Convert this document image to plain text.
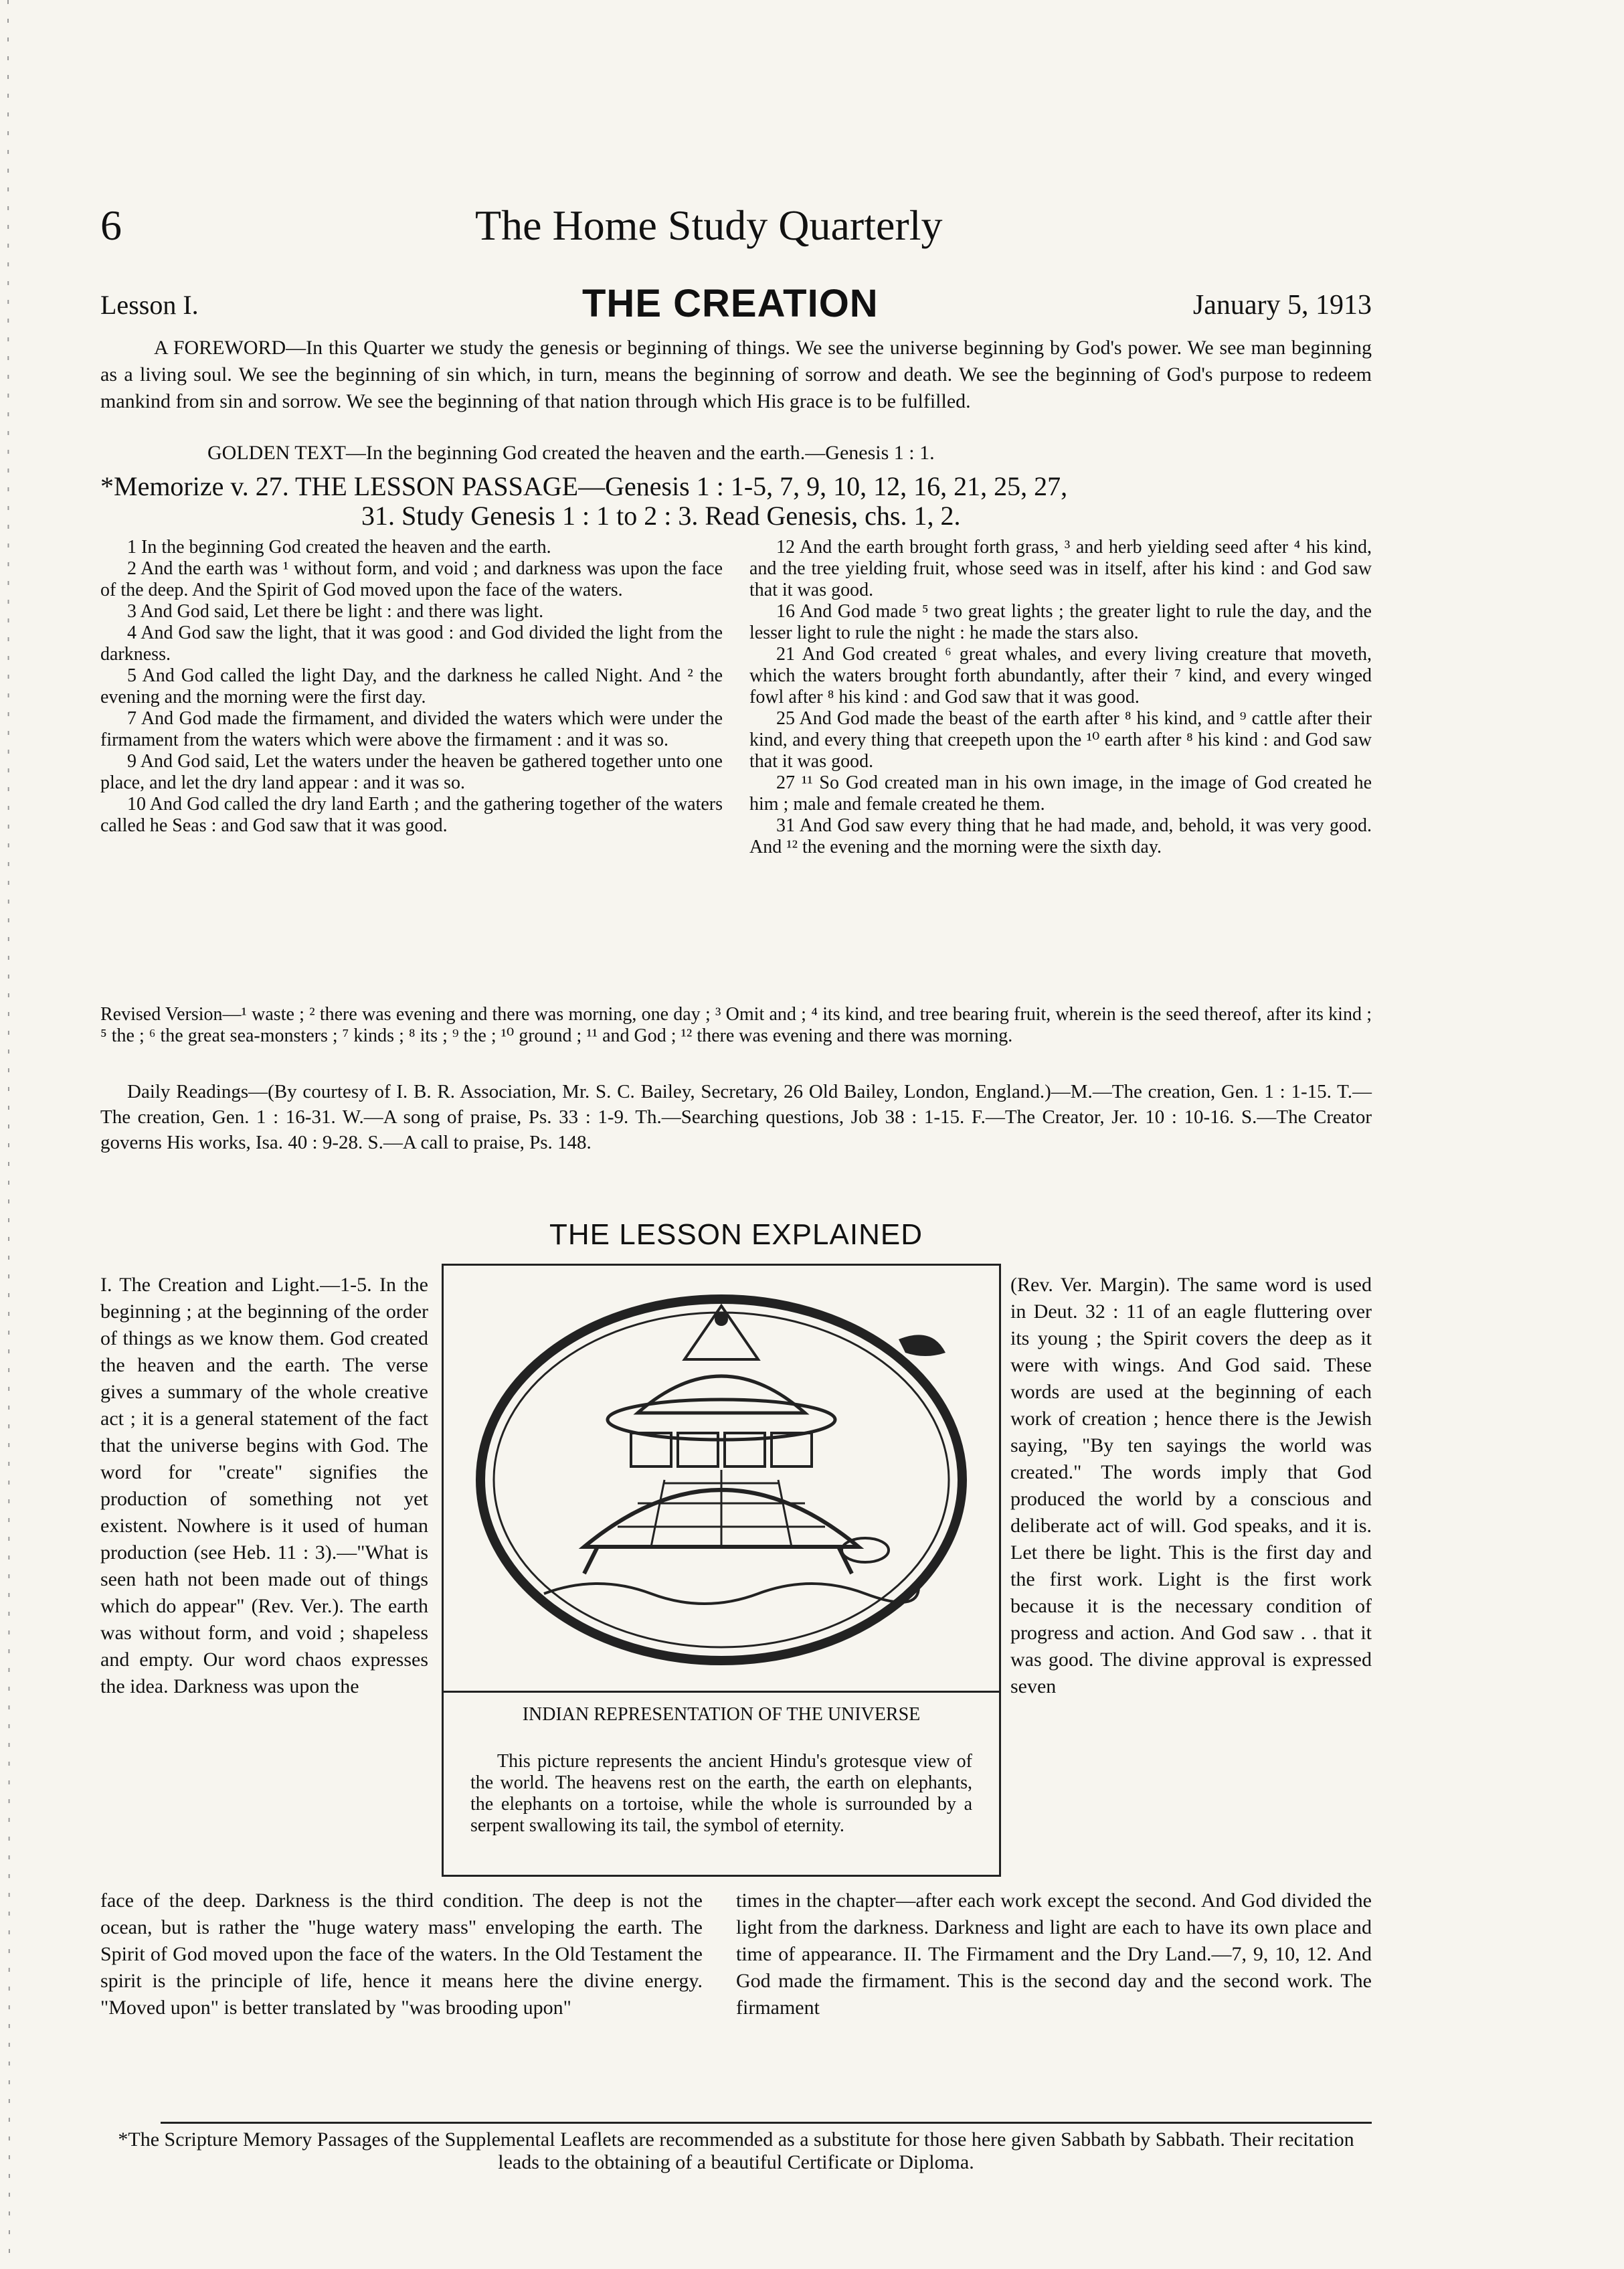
6	The Home Study Quarterly
Lesson I.	THE CREATION	January 5, 1913
A FOREWORD—In this Quarter we study the genesis or beginning of things. We see the universe beginning by God's power. We see man beginning as a living soul. We see the beginning of sin which, in turn, means the beginning of sorrow and death. We see the beginning of God's purpose to redeem mankind from sin and sorrow. We see the beginning of that nation through which His grace is to be fulfilled.
GOLDEN TEXT—In the beginning God created the heaven and the earth.—Genesis 1 : 1.
*Memorize v. 27. THE LESSON PASSAGE—Genesis 1 : 1-5, 7, 9, 10, 12, 16, 21, 25, 27,
31. Study Genesis 1 : 1 to 2 : 3. Read Genesis, chs. 1, 2.

1 In the beginning God created the heaven and the earth.

2 And the earth was ¹ without form, and void ; and darkness was upon the face of the deep. And the Spirit of God moved upon the face of the waters.

3 And God said, Let there be light : and there was light.

4 And God saw the light, that it was good : and God divided the light from the darkness.

5 And God called the light Day, and the darkness he called Night. And ² the evening and the morning were the first day.

7 And God made the firmament, and divided the waters which were under the firmament from the waters which were above the firmament : and it was so.

9 And God said, Let the waters under the heaven be gathered together unto one place, and let the dry land appear : and it was so.

10 And God called the dry land Earth ; and the gathering together of the waters called he Seas : and God saw that it was good.

12 And the earth brought forth grass, ³ and herb yielding seed after ⁴ his kind, and the tree yielding fruit, whose seed was in itself, after his kind : and God saw that it was good.

16 And God made ⁵ two great lights ; the greater light to rule the day, and the lesser light to rule the night : he made the stars also.

21 And God created ⁶ great whales, and every living creature that moveth, which the waters brought forth abundantly, after their ⁷ kind, and every winged fowl after ⁸ his kind : and God saw that it was good.

25 And God made the beast of the earth after ⁸ his kind, and ⁹ cattle after their kind, and every thing that creepeth upon the ¹⁰ earth after ⁸ his kind : and God saw that it was good.

27 ¹¹ So God created man in his own image, in the image of God created he him ; male and female created he them.

31 And God saw every thing that he had made, and, behold, it was very good. And ¹² the evening and the morning were the sixth day.

Revised Version—¹ waste ; ² there was evening and there was morning, one day ; ³ Omit and ; ⁴ its kind, and tree bearing fruit, wherein is the seed thereof, after its kind ; ⁵ the ; ⁶ the great sea-monsters ; ⁷ kinds ; ⁸ its ; ⁹ the ; ¹⁰ ground ; ¹¹ and God ; ¹² there was evening and there was morning.
Daily Readings—(By courtesy of I. B. R. Association, Mr. S. C. Bailey, Secretary, 26 Old Bailey, London, England.)—M.—The creation, Gen. 1 : 1-15. T.—The creation, Gen. 1 : 16-31. W.—A song of praise, Ps. 33 : 1-9. Th.—Searching questions, Job 38 : 1-15. F.—The Creator, Jer. 10 : 10-16. S.—The Creator governs His works, Isa. 40 : 9-28. S.—A call to praise, Ps. 148.
THE LESSON EXPLAINED
I. The Creation and Light.—1-5. In the beginning ; at the beginning of the order of things as we know them. God created the heaven and the earth. The verse gives a summary of the whole creative act ; it is a general statement of the fact that the universe begins with God. The word for "create" signifies the production of something not yet existent. Nowhere is it used of human production (see Heb. 11 : 3).—"What is seen hath not been made out of things which do appear" (Rev. Ver.). The earth was without form, and void ; shapeless and empty. Our word chaos expresses the idea. Darkness was upon the
INDIAN REPRESENTATION OF THE UNIVERSE
This picture represents the ancient Hindu's grotesque view of the world. The heavens rest on the earth, the earth on elephants, the elephants on a tortoise, while the whole is surrounded by a serpent swallowing its tail, the symbol of eternity.
(Rev. Ver. Margin). The same word is used in Deut. 32 : 11 of an eagle fluttering over its young ; the Spirit covers the deep as it were with wings. And God said. These words are used at the beginning of each work of creation ; hence there is the Jewish saying, "By ten sayings the world was created." The words imply that God produced the world by a conscious and deliberate act of will. God speaks, and it is. Let there be light. This is the first day and the first work. Light is the first work because it is the necessary condition of progress and action. And God saw . . that it was good. The divine approval is expressed seven
face of the deep. Darkness is the third condition. The deep is not the ocean, but is rather the "huge watery mass" enveloping the earth. The Spirit of God moved upon the face of the waters. In the Old Testament the spirit is the principle of life, hence it means here the divine energy. "Moved upon" is better translated by "was brooding upon"
times in the chapter—after each work except the second. And God divided the light from the darkness. Darkness and light are each to have its own place and time of appearance. II. The Firmament and the Dry Land.—7, 9, 10, 12. And God made the firmament. This is the second day and the second work. The firmament
*The Scripture Memory Passages of the Supplemental Leaflets are recommended as a substitute for those here given Sabbath by Sabbath. Their recitation leads to the obtaining of a beautiful Certificate or Diploma.
